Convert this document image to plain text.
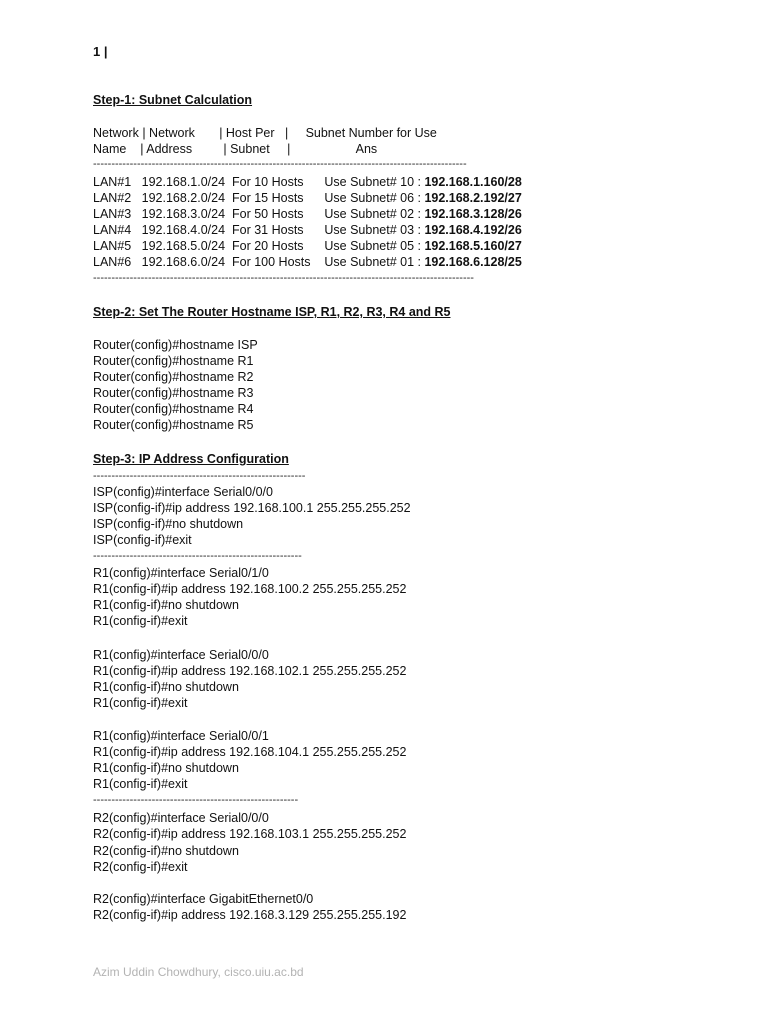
1 |
Step-1: Subnet Calculation
Network | Network       | Host Per   |     Subnet Number for Use
Name    | Address         | Subnet     |                   Ans
------------------------------------------------------------------------------------------------------
LAN#1   192.168.1.0/24  For 10 Hosts      Use Subnet# 10 : 192.168.1.160/28
LAN#2   192.168.2.0/24  For 15 Hosts      Use Subnet# 06 : 192.168.2.192/27
LAN#3   192.168.3.0/24  For 50 Hosts      Use Subnet# 02 : 192.168.3.128/26
LAN#4   192.168.4.0/24  For 31 Hosts      Use Subnet# 03 : 192.168.4.192/26
LAN#5   192.168.5.0/24  For 20 Hosts      Use Subnet# 05 : 192.168.5.160/27
LAN#6   192.168.6.0/24  For 100 Hosts    Use Subnet# 01 : 192.168.6.128/25
--------------------------------------------------------------------------------------------------------
Step-2: Set The Router Hostname ISP, R1, R2, R3, R4 and R5
Router(config)#hostname ISP
Router(config)#hostname R1
Router(config)#hostname R2
Router(config)#hostname R3
Router(config)#hostname R4
Router(config)#hostname R5
Step-3: IP Address Configuration
----------------------------------------------------------
ISP(config)#interface Serial0/0/0
ISP(config-if)#ip address 192.168.100.1 255.255.255.252
ISP(config-if)#no shutdown
ISP(config-if)#exit
---------------------------------------------------------
R1(config)#interface Serial0/1/0
R1(config-if)#ip address 192.168.100.2 255.255.255.252
R1(config-if)#no shutdown
R1(config-if)#exit
R1(config)#interface Serial0/0/0
R1(config-if)#ip address 192.168.102.1 255.255.255.252
R1(config-if)#no shutdown
R1(config-if)#exit
R1(config)#interface Serial0/0/1
R1(config-if)#ip address 192.168.104.1 255.255.255.252
R1(config-if)#no shutdown
R1(config-if)#exit
--------------------------------------------------------
R2(config)#interface Serial0/0/0
R2(config-if)#ip address 192.168.103.1 255.255.255.252
R2(config-if)#no shutdown
R2(config-if)#exit
R2(config)#interface GigabitEthernet0/0
R2(config-if)#ip address 192.168.3.129 255.255.255.192
Azim Uddin Chowdhury, cisco.uiu.ac.bd
